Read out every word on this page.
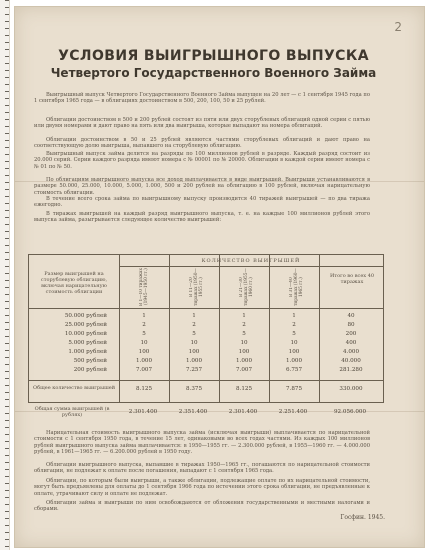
2
УСЛОВИЯ ВЫИГРЫШНОГО ВЫПУСКА
Четвертого Государственного Военного Займа
Выигрышный выпуск Четвертого Государственного Военного Займа выпущен на 20 лет — с 1 сентября 1945 года по 1 сентября 1965 года — в облигациях достоинством в 500, 200, 100, 50 и 25 рублей.
Облигации достоинством в 500 и 200 рублей состоят из пяти или двух сторублевых облигаций одной серии с пятью или двумя номерами и дают право на пять или два выигрыша, которые выпадают на номера облигаций.
Облигации достоинством в 50 и 25 рублей являются частями сторублевых облигаций и дают право на соответствующую долю выигрыша, выпавшего на сторублевую облигацию.
Выигрышный выпуск займа делится на разряды по 100 миллионов рублей в разряде. Каждый разряд состоит из 20.000 серий. Серии каждого разряда имеют номера с № 00001 по № 20000. Облигации в каждой серии имеют номера с № 01 по № 50.
По облигациям выигрышного выпуска все доход выплачивается в виде выигрышей. Выигрыши устанавливаются в размере 50.000, 25.000, 10.000, 5.000, 1.000, 500 и 200 рублей на облигацию в 100 рублей, включая нарицательную стоимость облигации.
В течение всего срока займа по выигрышному выпуску производится 40 тиражей выигрышей — по два тиража ежегодно.
В тиражах выигрышей на каждый разряд выигрышного выпуска, т. е. на каждые 100 миллионов рублей этого выпуска займа, разыгрывается следующее количество выигрышей:
Размер выигрышей на сторублевую облигацию, включая нарицательную стоимость облигации
КОЛИЧЕСТВО ВЫИГРЫШЕЙ
В 1—10 тиражах (1945—1950 гг.)	В 11—20 тиражах (1950—1955 гг.)	В 21—30 тиражах (1955—1960 гг.)	В 31—40 тиражах (1960—1965 гг.)
Итого во всех 40 тиражах
50.000 рублей	1	1	1	1	40
25.000 рублей	2	2	2	2	80
10.000 рублей	5	5	5	5	200
5.000 рублей	10	10	10	10	400
1.000 рублей	100	100	100	100	4.000
500 рублей	1.000	1.000	1.000	1.000	40.000
200 рублей	7.007	7.257	7.007	6.757	281.280
Общее количество выигрышей	8.125	8.375	8.125	7.875	330.000
Общая сумма выигрышей (в рублях)	2.301.400	2.351.400	2.301.400	2.251.400	92.056.000
Нарицательная стоимость выигрышного выпуска займа (исключая выигрыши) выплачивается по нарицательной стоимости с 1 сентября 1950 года, в течение 15 лет, одинаковыми во всех годах частями. Из каждых 100 миллионов рублей выигрышного выпуска займа выплачивается: в 1950—1955 гг. — 2.300.000 рублей, в 1955—1960 гг. — 4.000.000 рублей, в 1961—1965 гг. — 6.200.000 рублей в 1950 году.
Облигации выигрышного выпуска, выпавшие в тиражах 1950—1965 гг., погашаются по нарицательной стоимости облигации, не подлежат к оплате после погашения, выпадают с 1 сентября 1965 года.
Облигации, по которым были выигрыши, а также облигации, подлежащие оплате по их нарицательной стоимости, могут быть предъявлены для оплаты до 1 сентября 1966 года по истечении этого срока облигации, не предъявленные к оплате, утрачивают силу и оплате не подлежат.
Облигации займа и выигрыши по ним освобождаются от обложения государственными и местными налогами и сборами.
Госфин. 1945.
